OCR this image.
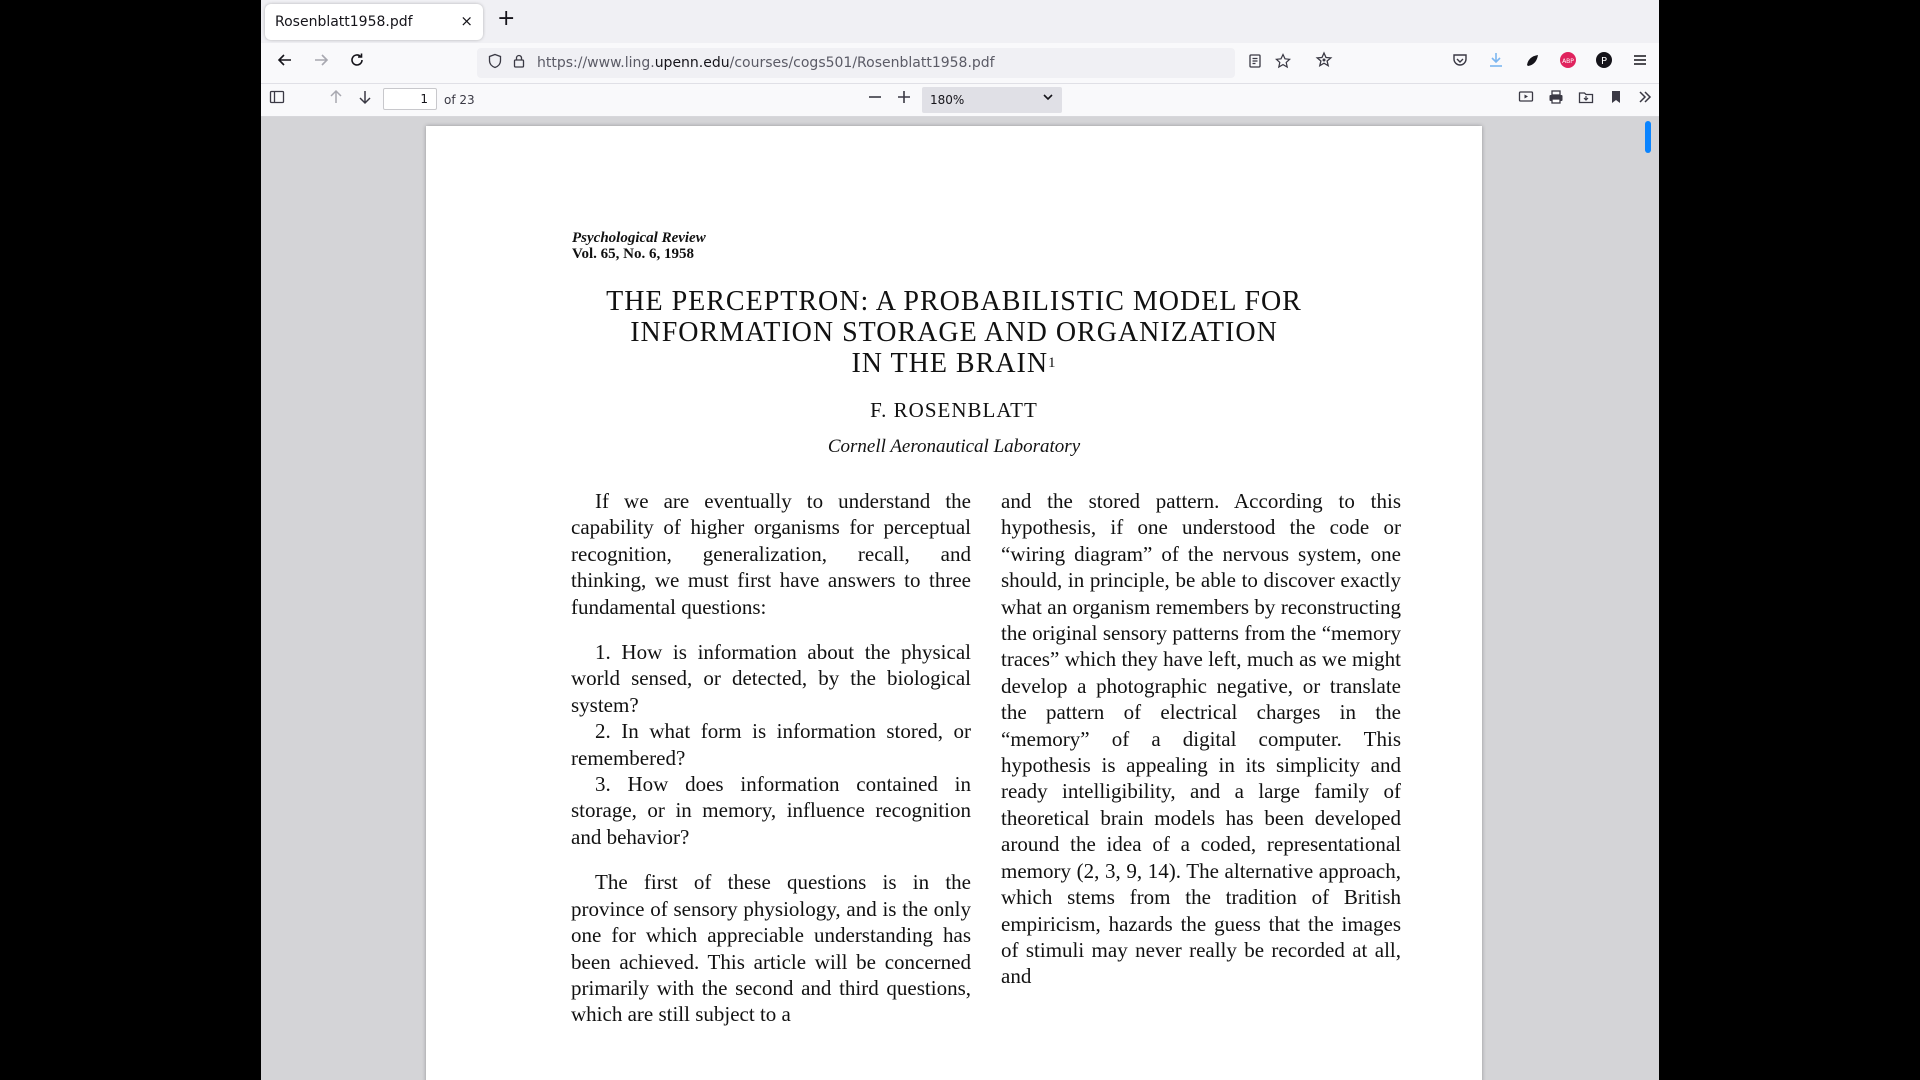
Rosenblatt1958.pdf	× +
https://www.ling.upenn.edu/courses/cogs501/Rosenblatt1958.pdf	ABP	P
1
of 23	180%
Psychological Review
Vol. 65, No. 6, 1958

THE PERCEPTRON: A PROBABILISTIC MODEL FOR

INFORMATION STORAGE AND ORGANIZATION

IN THE BRAIN$^1$

F. ROSENBLATT
Cornell Aeronautical Laboratory

If we are eventually to understand the capability of higher organisms for perceptual recognition, generalization, recall, and thinking, we must first have answers to three fundamental questions:

1. How is information about the physical world sensed, or detected, by the biological system?

2. In what form is information stored, or remembered?

3. How does information contained in storage, or in memory, influence recognition and behavior?

The first of these questions is in the province of sensory physiology, and is the only one for which appreciable understanding has been achieved. This article will be concerned primarily with the second and third questions, which are still subject to a

and the stored pattern. According to this hypothesis, if one understood the code or “wiring diagram” of the nervous system, one should, in principle, be able to discover exactly what an organism remembers by reconstructing the original sensory patterns from the “memory traces” which they have left, much as we might develop a photographic negative, or translate the pattern of electrical charges in the “memory” of a digital computer. This hypothesis is appealing in its simplicity and ready intelligibility, and a large family of theoretical brain models has been developed around the idea of a coded, representational memory (2, 3, 9, 14). The alternative approach, which stems from the tradition of British empiricism, hazards the guess that the images of stimuli may never really be recorded at all, and
